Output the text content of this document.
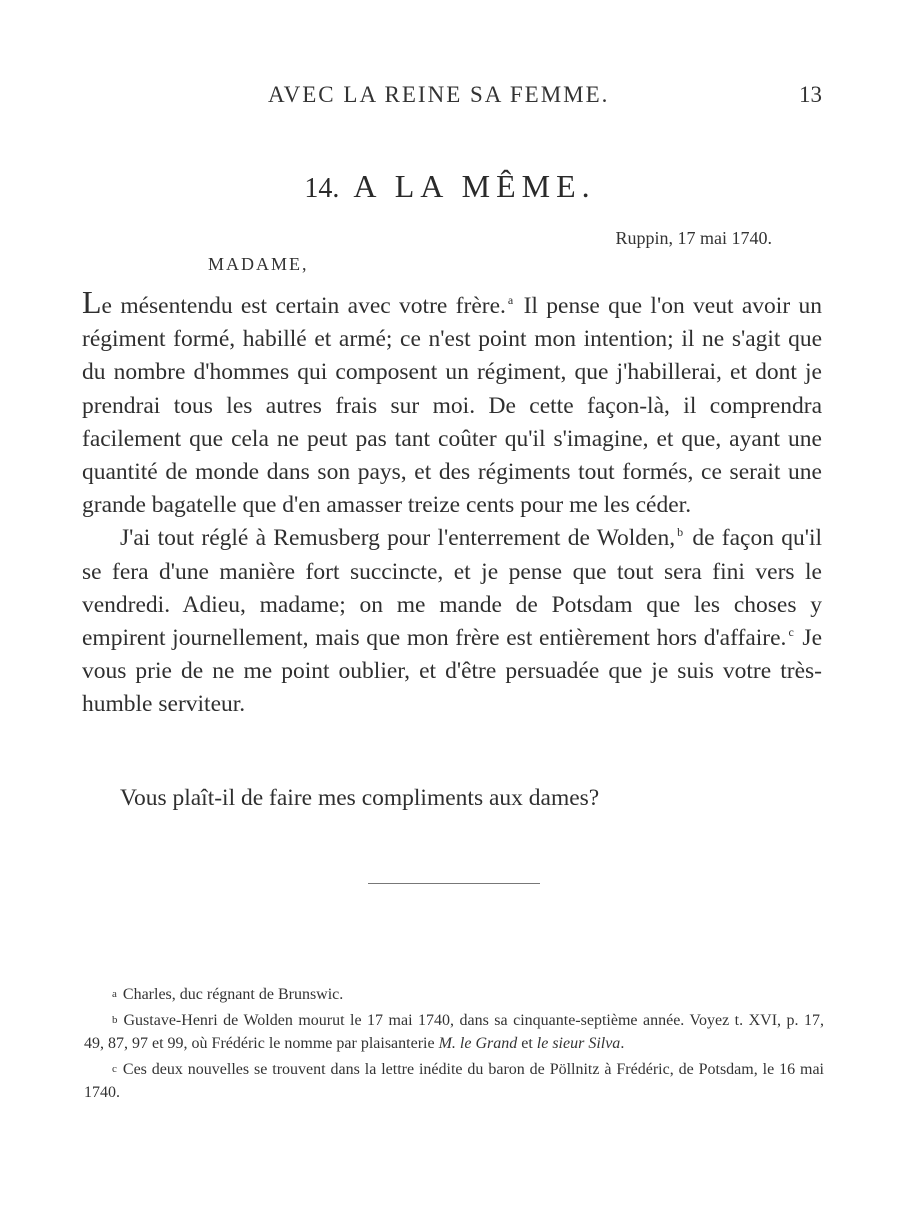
AVEC LA REINE SA FEMME.	13
14. A LA MÊME.
Ruppin, 17 mai 1740.
MADAME,

Le mésentendu est certain avec votre frère. $^a$ Il pense que l'on veut avoir un régiment formé, habillé et armé; ce n'est point mon intention; il ne s'agit que du nombre d'hommes qui composent un régiment, que j'habillerai, et dont je prendrai tous les autres frais sur moi. De cette façon-là, il comprendra facilement que cela ne peut pas tant coûter qu'il s'imagine, et que, ayant une quantité de monde dans son pays, et des régiments tout formés, ce serait une grande bagatelle que d'en amasser treize cents pour me les céder.

J'ai tout réglé à Remusberg pour l'enterrement de Wolden, $^b$ de façon qu'il se fera d'une manière fort succincte, et je pense que tout sera fini vers le vendredi. Adieu, madame; on me mande de Potsdam que les choses y empirent journellement, mais que mon frère est entièrement hors d'affaire. $^c$ Je vous prie de ne me point oublier, et d'être persuadée que je suis votre très-humble serviteur.

Vous plaît-il de faire mes compliments aux dames?

a Charles, duc régnant de Brunswic.

b Gustave-Henri de Wolden mourut le 17 mai 1740, dans sa cinquante-septième année. Voyez t. XVI, p. 17, 49, 87, 97 et 99, où Frédéric le nomme par plaisanterie M. le Grand et le sieur Silva.

c Ces deux nouvelles se trouvent dans la lettre inédite du baron de Pöllnitz à Frédéric, de Potsdam, le 16 mai 1740.
